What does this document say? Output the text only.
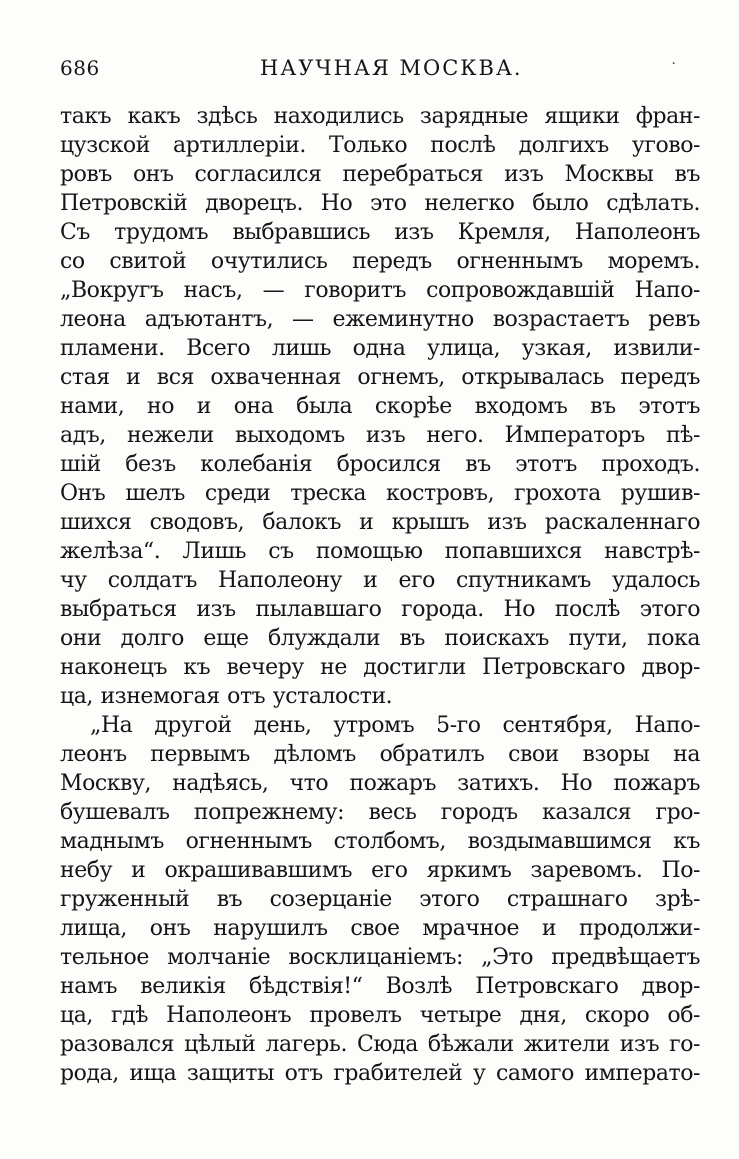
686	НАУЧНАЯ МОСКВА.	·
такъ какъ здѣсь находились зарядные ящики фран-
цузской артиллеріи. Только послѣ долгихъ угово-
ровъ онъ согласился перебраться изъ Москвы въ
Петровскій дворецъ. Но это нелегко было сдѣлать.
Съ трудомъ выбравшись изъ Кремля, Наполеонъ
со свитой очутились передъ огненнымъ моремъ.
„Вокругъ насъ, — говоритъ сопровождавшій Напо-
леона адъютантъ, — ежеминутно возрастаетъ ревъ
пламени. Всего лишь одна улица, узкая, извили-
стая и вся охваченная огнемъ, открывалась передъ
нами, но и она была скорѣе входомъ въ этотъ
адъ, нежели выходомъ изъ него. Императоръ пѣ-
шій безъ колебанія бросился въ этотъ проходъ.
Онъ шелъ среди треска костровъ, грохота рушив-
шихся сводовъ, балокъ и крышъ изъ раскаленнаго
желѣза“. Лишь съ помощью попавшихся навстрѣ-
чу солдатъ Наполеону и его спутникамъ удалось
выбраться изъ пылавшаго города. Но послѣ этого
они долго еще блуждали въ поискахъ пути, пока
наконецъ къ вечеру не достигли Петровскаго двор-
ца, изнемогая отъ усталости.
„На другой день, утромъ 5-го сентября, Напо-
леонъ первымъ дѣломъ обратилъ свои взоры на
Москву, надѣясь, что пожаръ затихъ. Но пожаръ
бушевалъ попрежнему: весь городъ казался гро-
маднымъ огненнымъ столбомъ, воздымавшимся къ
небу и окрашивавшимъ его яркимъ заревомъ. По-
груженный въ созерцаніе этого страшнаго зрѣ-
лища, онъ нарушилъ свое мрачное и продолжи-
тельное молчаніе восклицаніемъ: „Это предвѣщаетъ
намъ великія бѣдствія!“ Возлѣ Петровскаго двор-
ца, гдѣ Наполеонъ провелъ четыре дня, скоро об-
разовался цѣлый лагерь. Сюда бѣжали жители изъ го-
рода, ища защиты отъ грабителей у самого императо-
